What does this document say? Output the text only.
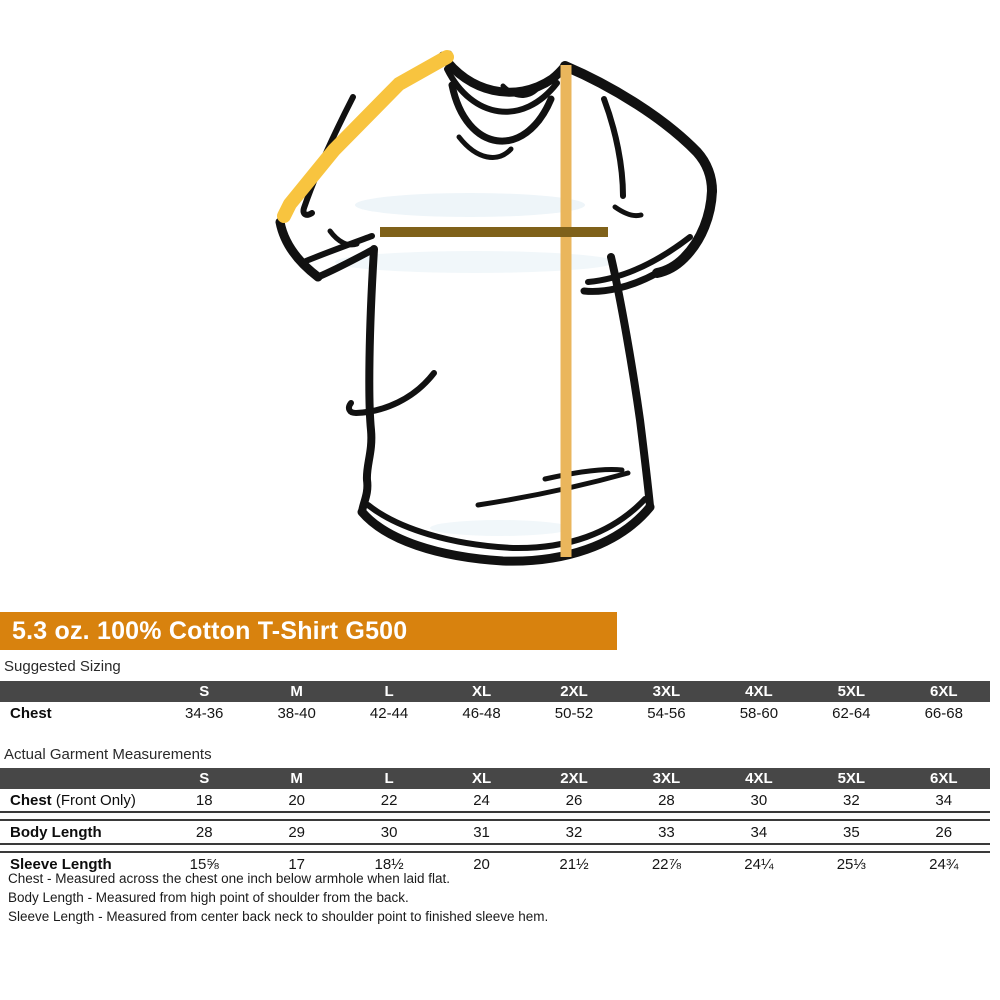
5.3 oz. 100% Cotton T-Shirt G500
Suggested Sizing
S	M	L	XL	2XL	3XL	4XL	5XL	6XL
Chest	34-36	38-40	42-44	46-48	50-52	54-56	58-60	62-64	66-68
Actual Garment Measurements
S	M	L	XL	2XL	3XL	4XL	5XL	6XL
Chest (Front Only)	18	20	22	24	26	28	30	32	34
Body Length	28	29	30	31	32	33	34	35	26
Sleeve Length	15⅝	17	18½	20	21½	22⅞	24¼	25⅓	24¾
Chest - Measured across the chest one inch below armhole when laid flat.
Body Length - Measured from high point of shoulder from the back.
Sleeve Length - Measured from center back neck to shoulder point to finished sleeve hem.
